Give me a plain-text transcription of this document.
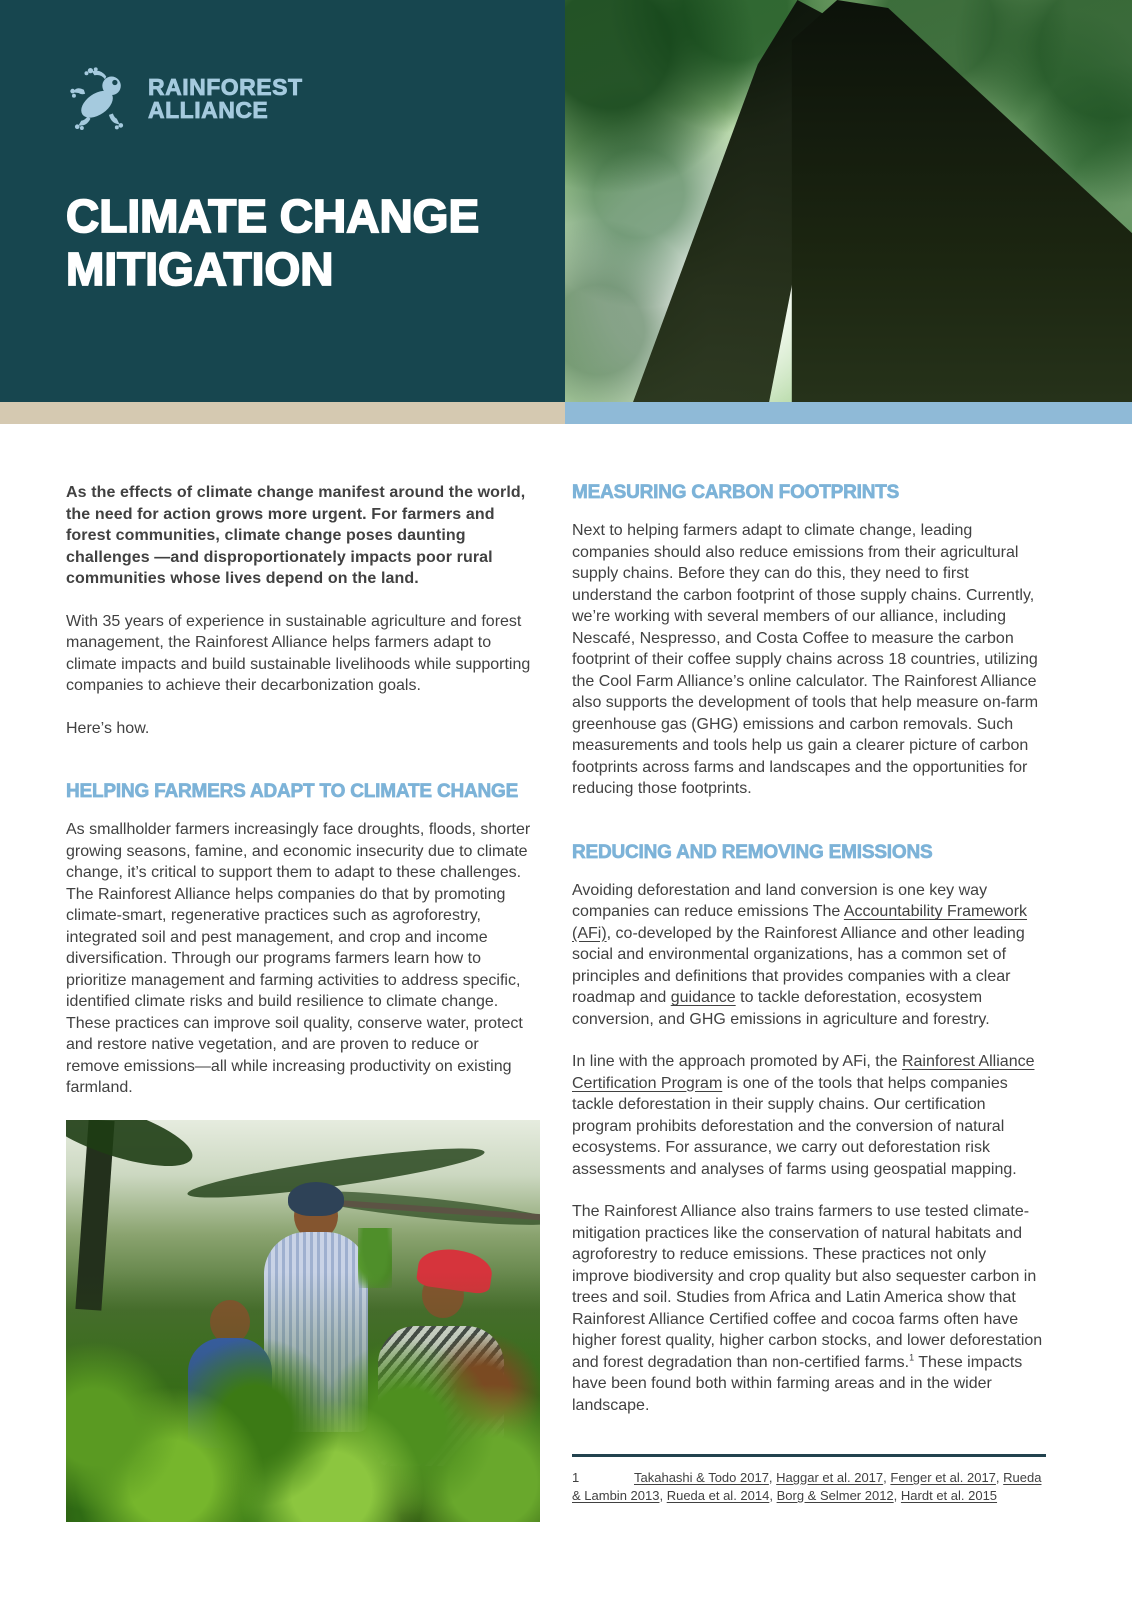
RAINFOREST
ALLIANCE
CLIMATE CHANGE
MITIGATION

As the effects of climate change manifest around the world, the need for action grows more urgent. For farmers and forest communities, climate change poses daunting challenges —and disproportionately impacts poor rural communities whose lives depend on the land.

With 35 years of experience in sustainable agriculture and forest management, the Rainforest Alliance helps farmers adapt to climate impacts and build sustainable livelihoods while supporting companies to achieve their decarbonization goals.

Here’s how.

HELPING FARMERS ADAPT TO CLIMATE CHANGE

As smallholder farmers increasingly face droughts, floods, shorter growing seasons, famine, and economic insecurity due to climate change, it’s critical to support them to adapt to these challenges. The Rainforest Alliance helps companies do that by promoting climate-smart, regenerative practices such as agroforestry, integrated soil and pest management, and crop and income diversification. Through our programs farmers learn how to prioritize management and farming activities to address specific, identified climate risks and build resilience to climate change. These practices can improve soil quality, conserve water, protect and restore native vegetation, and are proven to reduce or remove emissions—all while increasing productivity on existing farmland.

MEASURING CARBON FOOTPRINTS

Next to helping farmers adapt to climate change, leading companies should also reduce emissions from their agricultural supply chains. Before they can do this, they need to first understand the carbon footprint of those supply chains. Currently, we’re working with several members of our alliance, including Nescafé, Nespresso, and Costa Coffee to measure the carbon footprint of their coffee supply chains across 18 countries, utilizing the Cool Farm Alliance’s online calculator. The Rainforest Alliance also supports the development of tools that help measure on-farm greenhouse gas (GHG) emissions and carbon removals. Such measurements and tools help us gain a clearer picture of carbon footprints across farms and landscapes and the opportunities for reducing those footprints.

REDUCING AND REMOVING EMISSIONS

Avoiding deforestation and land conversion is one key way companies can reduce emissions The Accountability Framework (AFi), co-developed by the Rainforest Alliance and other leading social and environmental organizations, has a common set of principles and definitions that provides companies with a clear roadmap and guidance to tackle deforestation, ecosystem conversion, and GHG emissions in agriculture and forestry.

In line with the approach promoted by AFi, the Rainforest Alliance Certification Program is one of the tools that helps companies tackle deforestation in their supply chains. Our certification program prohibits deforestation and the conversion of natural ecosystems. For assurance, we carry out deforestation risk assessments and analyses of farms using geospatial mapping.

The Rainforest Alliance also trains farmers to use tested climate-mitigation practices like the conservation of natural habitats and agroforestry to reduce emissions. These practices not only improve biodiversity and crop quality but also sequester carbon in trees and soil. Studies from Africa and Latin America show that Rainforest Alliance Certified coffee and cocoa farms often have higher forest quality, higher carbon stocks, and lower deforestation and forest degradation than non-certified farms.$^1$ These impacts have been found both within farming areas and in the wider landscape.

1	Takahashi & Todo 2017, Haggar et al. 2017, Fenger et al. 2017, Rueda & Lambin 2013, Rueda et al. 2014, Borg & Selmer 2012, Hardt et al. 2015
